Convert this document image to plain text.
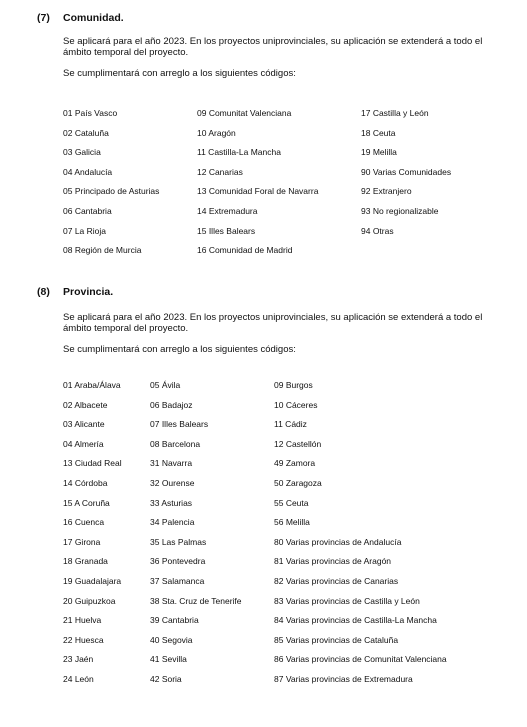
(7) Comunidad.
Se aplicará para el año 2023. En los proyectos uniprovinciales, su aplicación se extenderá a todo el ámbito temporal del proyecto.
Se cumplimentará con arreglo a los siguientes códigos:
01 País Vasco
02 Cataluña
03 Galicia
04 Andalucía
05 Principado de Asturias
06 Cantabria
07 La Rioja
08 Región de Murcia
09 Comunitat Valenciana
10 Aragón
11 Castilla-La Mancha
12 Canarias
13 Comunidad Foral de Navarra
14 Extremadura
15 Illes Balears
16 Comunidad de Madrid
17 Castilla y León
18 Ceuta
19 Melilla
90 Varias Comunidades
92 Extranjero
93 No regionalizable
94 Otras
(8) Provincia.
Se aplicará para el año 2023. En los proyectos uniprovinciales, su aplicación se extenderá a todo el ámbito temporal del proyecto.
Se cumplimentará con arreglo a los siguientes códigos:
01 Araba/Álava
02 Albacete
03 Alicante
04 Almería
13 Ciudad Real
14 Córdoba
15 A Coruña
16 Cuenca
17 Girona
18 Granada
19 Guadalajara
20 Guipuzkoa
21 Huelva
22 Huesca
23 Jaén
24 León
05 Ávila
06 Badajoz
07 Illes Balears
08 Barcelona
31 Navarra
32 Ourense
33 Asturias
34 Palencia
35 Las Palmas
36 Pontevedra
37 Salamanca
38 Sta. Cruz de Tenerife
39 Cantabria
40 Segovia
41 Sevilla
42 Soria
09 Burgos
10 Cáceres
11 Cádiz
12 Castellón
49 Zamora
50 Zaragoza
55 Ceuta
56 Melilla
80 Varias provincias de Andalucía
81 Varias provincias de Aragón
82 Varias provincias de Canarias
83 Varias provincias de Castilla y León
84 Varias provincias de Castilla-La Mancha
85 Varias provincias de Cataluña
86 Varias provincias de Comunitat Valenciana
87 Varias provincias de Extremadura
